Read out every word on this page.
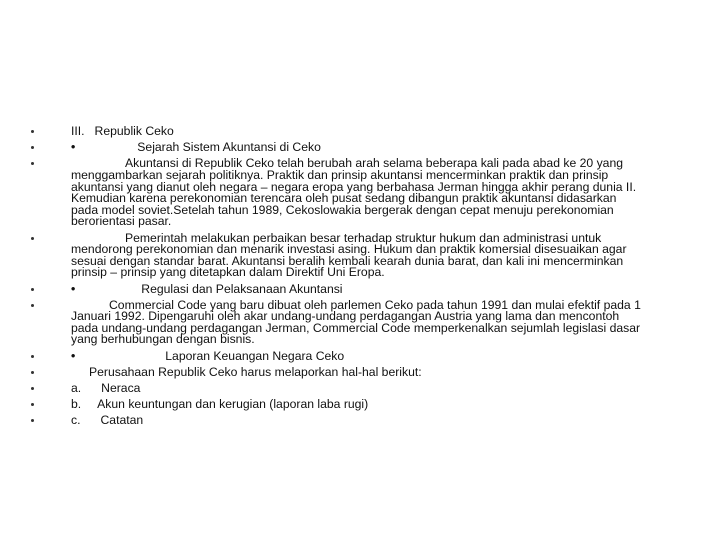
III. Republik Ceko
•	Sejarah Sistem Akuntansi di Ceko
Akuntansi di Republik Ceko telah berubah arah selama beberapa kali pada abad ke 20 yang
menggambarkan sejarah politiknya. Praktik dan prinsip akuntansi mencerminkan praktik dan prinsip
akuntansi yang dianut oleh negara – negara eropa yang berbahasa Jerman hingga akhir perang dunia II.
Kemudian karena perekonomian terencara oleh pusat sedang dibangun praktik akuntansi didasarkan
pada model soviet.Setelah tahun 1989, Cekoslowakia bergerak dengan cepat menuju perekonomian
berorientasi pasar.
Pemerintah melakukan perbaikan besar terhadap struktur hukum dan administrasi untuk
mendorong perekonomian dan menarik investasi asing. Hukum dan praktik komersial disesuaikan agar
sesuai dengan standar barat. Akuntansi beralih kembali kearah dunia barat, dan kali ini mencerminkan
prinsip – prinsip yang ditetapkan dalam Direktif Uni Eropa.
•	Regulasi dan Pelaksanaan Akuntansi
Commercial Code yang baru dibuat oleh parlemen Ceko pada tahun 1991 dan mulai efektif pada 1
Januari 1992. Dipengaruhi oleh akar undang-undang perdagangan Austria yang lama dan mencontoh
pada undang-undang perdagangan Jerman, Commercial Code memperkenalkan sejumlah legislasi dasar
yang berhubungan dengan bisnis.
•	Laporan Keuangan Negara Ceko
Perusahaan Republik Ceko harus melaporkan hal-hal berikut:
a. Neraca
b. Akun keuntungan dan kerugian (laporan laba rugi)
c. Catatan
